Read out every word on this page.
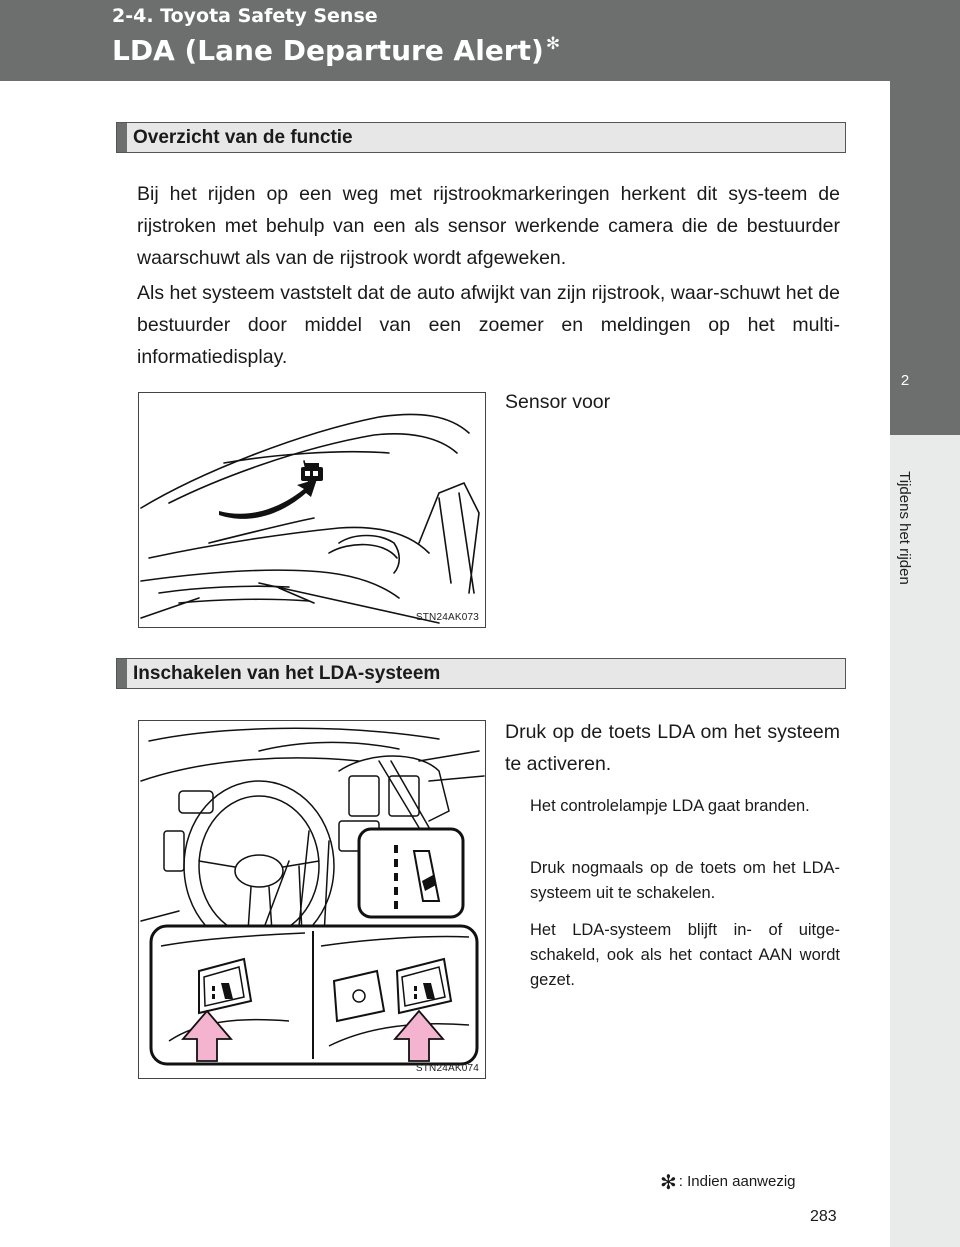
2-4. Toyota Safety Sense
LDA (Lane Departure Alert) ✻
2
Tijdens het rijden
Overzicht van de functie

Bij het rijden op een weg met rijstrookmarkeringen herkent dit sys-teem de rijstroken met behulp van een als sensor werkende camera die de bestuurder waarschuwt als van de rijstrook wordt afgeweken.

Als het systeem vaststelt dat de auto afwijkt van zijn rijstrook, waar-schuwt het de bestuurder door middel van een zoemer en meldingen op het multi-informatiedisplay.

STN24AK073

Sensor voor

Inschakelen van het LDA-systeem
STN24AK074

Druk op de toets LDA om het systeem te activeren.

Het controlelampje LDA gaat branden.

Druk nogmaals op de toets om het LDA-systeem uit te schakelen.

Het LDA-systeem blijft in- of uitge-schakeld, ook als het contact AAN wordt gezet.

✻ : Indien aanwezig
283
